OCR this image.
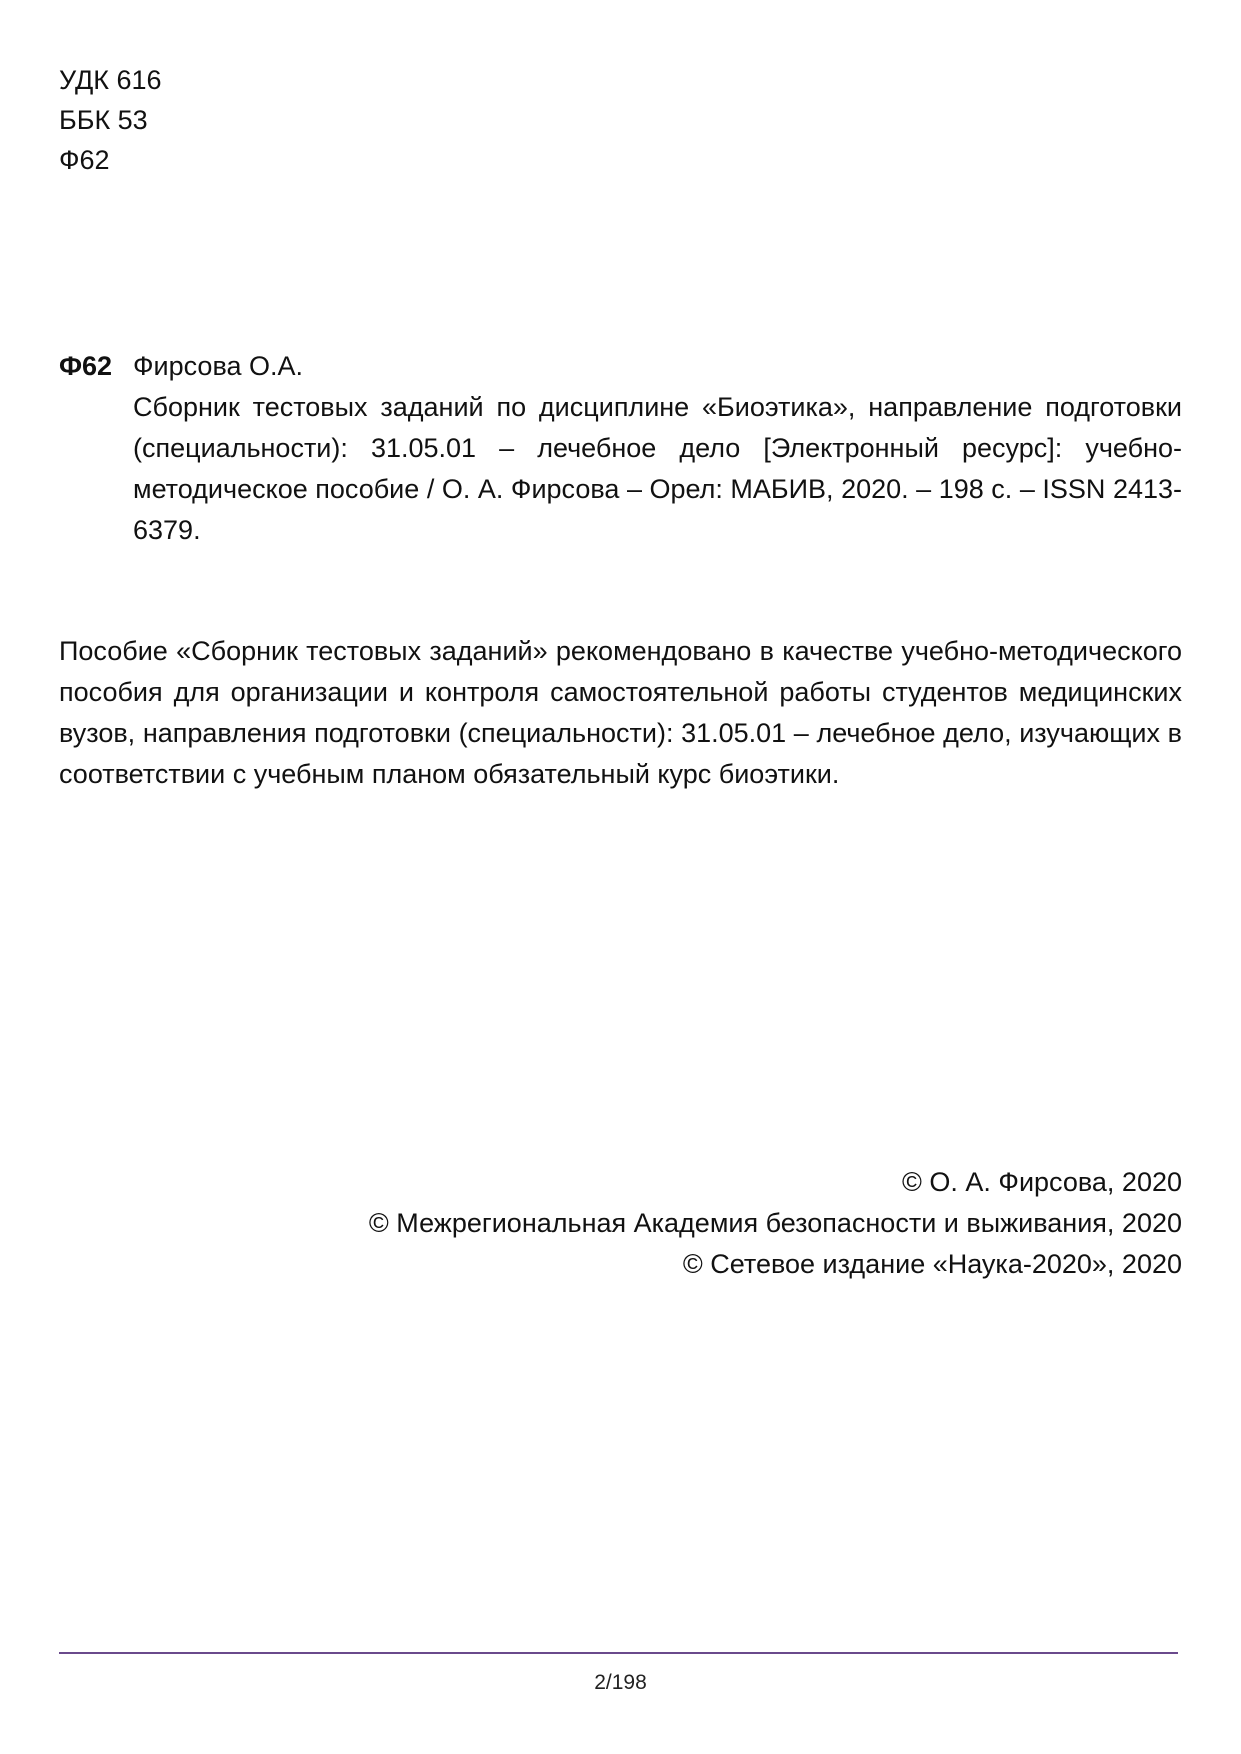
УДК 616
ББК 53
Ф62
Ф62 Фирсова О.А.
Сборник тестовых заданий по дисциплине «Биоэтика», направление подготовки (специальности): 31.05.01 – лечебное дело [Электронный ресурс]: учебно-методическое пособие / О. А. Фирсова – Орел: МАБИВ, 2020. – 198 с. – ISSN 2413-6379.
Пособие «Сборник тестовых заданий» рекомендовано в качестве учебно-методического пособия для организации и контроля самостоятельной работы студентов медицинских вузов, направления подготовки (специальности): 31.05.01 – лечебное дело, изучающих в соответствии с учебным планом обязательный курс биоэтики.
© О. А. Фирсова, 2020
© Межрегиональная Академия безопасности и выживания, 2020
© Сетевое издание «Наука-2020», 2020
2/198
